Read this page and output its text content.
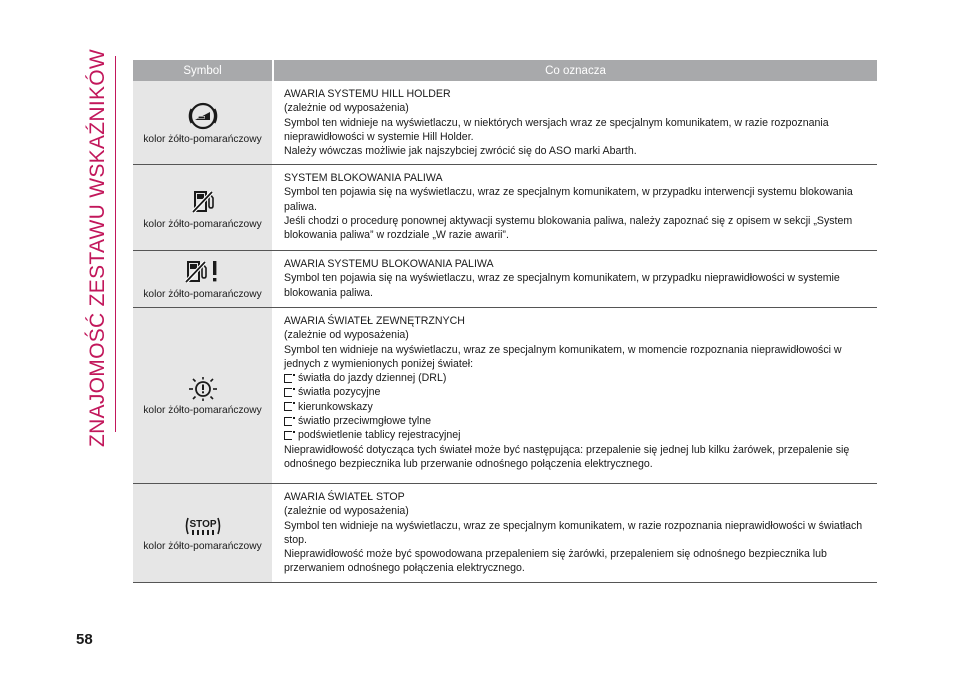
ZNAJOMOŚĆ ZESTAWU WSKAŹNIKÓW	Symbol	Co oznacza
kolor żółto-pomarańczowy

AWARIA SYSTEMU HILL HOLDER

(zależnie od wyposażenia)

Symbol ten widnieje na wyświetlaczu, w niektórych wersjach wraz ze specjalnym komunikatem, w razie rozpoznania nieprawidłowości w systemie Hill Holder.

Należy wówczas możliwie jak najszybciej zwrócić się do ASO marki Abarth.

kolor żółto-pomarańczowy

SYSTEM BLOKOWANIA PALIWA

Symbol ten pojawia się na wyświetlaczu, wraz ze specjalnym komunikatem, w przypadku interwencji systemu blokowania paliwa.

Jeśli chodzi o procedurę ponownej aktywacji systemu blokowania paliwa, należy zapoznać się z opisem w sekcji „System blokowania paliwa” w rozdziale „W razie awarii”.

kolor żółto-pomarańczowy

AWARIA SYSTEMU BLOKOWANIA PALIWA

Symbol ten pojawia się na wyświetlaczu, wraz ze specjalnym komunikatem, w przypadku nieprawidłowości w systemie blokowania paliwa.

kolor żółto-pomarańczowy

AWARIA ŚWIATEŁ ZEWNĘTRZNYCH

(zależnie od wyposażenia)

Symbol ten widnieje na wyświetlaczu, wraz ze specjalnym komunikatem, w momencie rozpoznania nieprawidłowości w jednych z wymienionych poniżej świateł:

światła do jazdy dziennej (DRL)
światła pozycyjne
kierunkowskazy
światło przeciwmgłowe tylne
podświetlenie tablicy rejestracyjnej

Nieprawidłowość dotycząca tych świateł może być następująca: przepalenie się jednej lub kilku żarówek, przepalenie się odnośnego bezpiecznika lub przerwanie odnośnego połączenia elektrycznego.

STOP
kolor żółto-pomarańczowy

AWARIA ŚWIATEŁ STOP

(zależnie od wyposażenia)

Symbol ten widnieje na wyświetlaczu, wraz ze specjalnym komunikatem, w razie rozpoznania nieprawidłowości w światłach stop.

Nieprawidłowość może być spowodowana przepaleniem się żarówki, przepaleniem się odnośnego bezpiecznika lub przerwaniem odnośnego połączenia elektrycznego.

58
